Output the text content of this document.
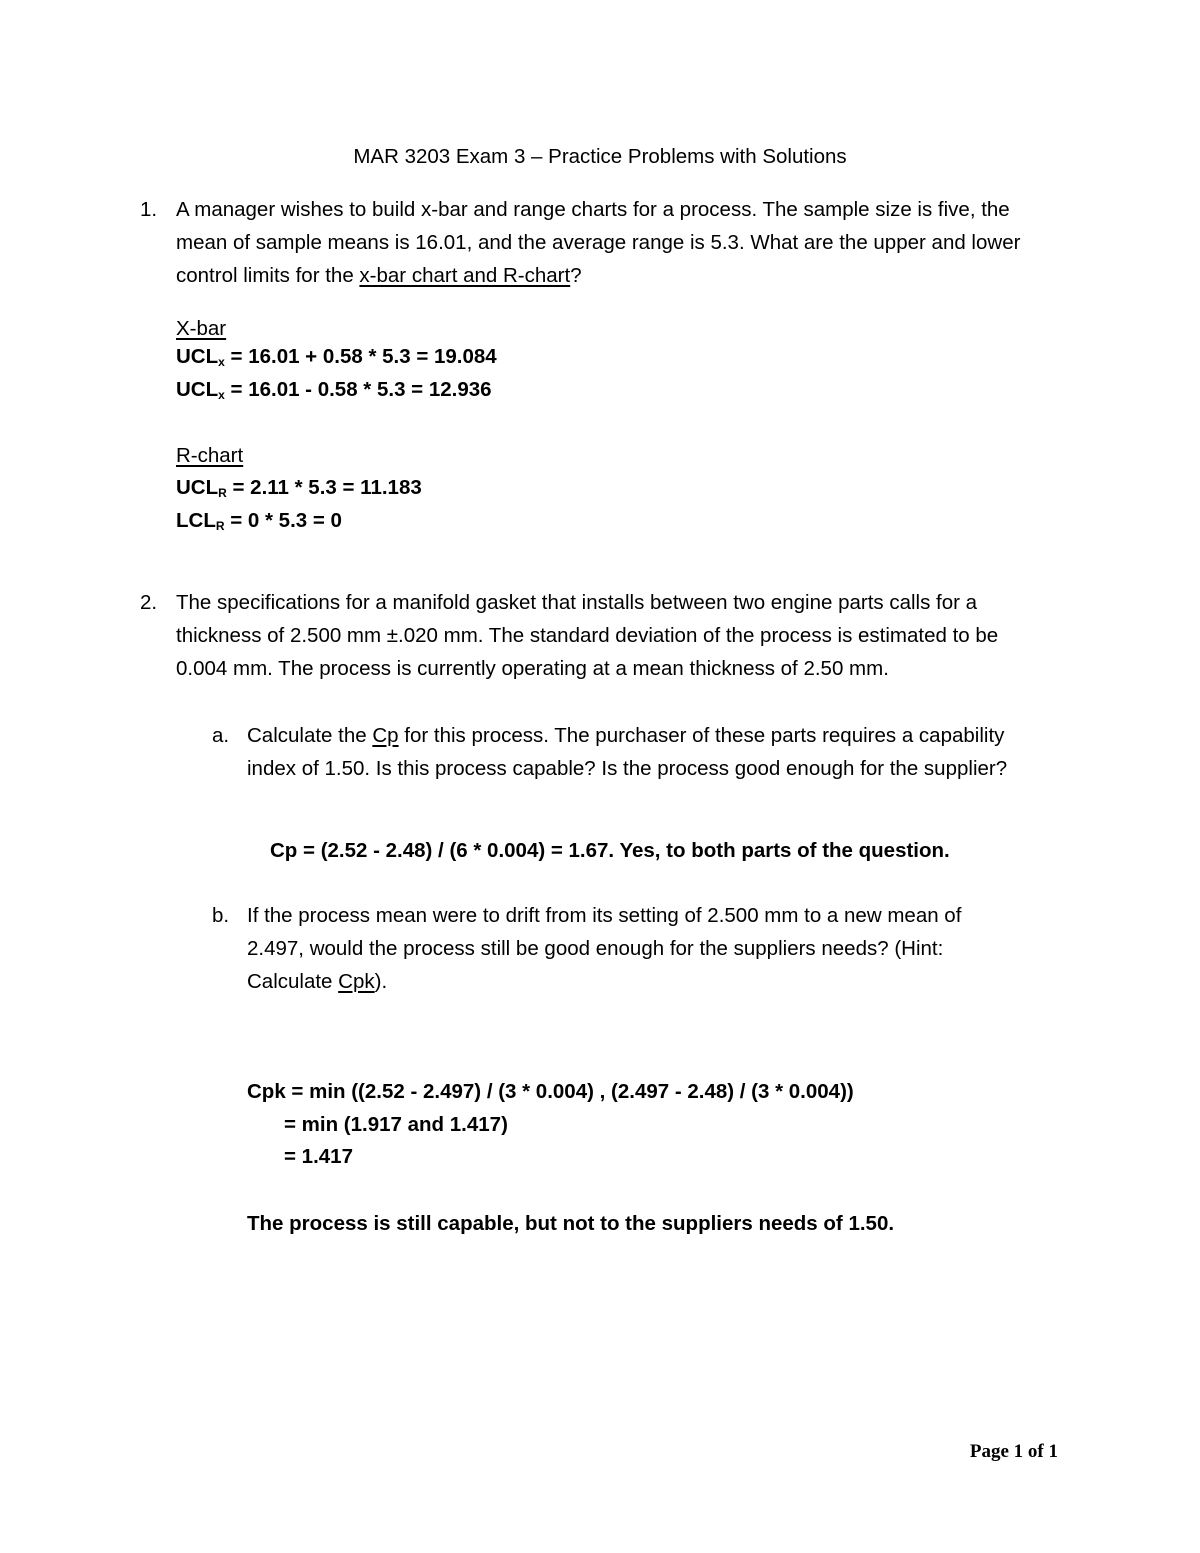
MAR 3203 Exam 3 – Practice Problems with Solutions
1. A manager wishes to build x-bar and range charts for a process. The sample size is five, the
mean of sample means is 16.01, and the average range is 5.3. What are the upper and lower
control limits for the x-bar chart and R-chart?
X-bar
$UCL_x = 16.01 + 0.58 * 5.3 = 19.084$
$UCL_x = 16.01 - 0.58 * 5.3 = 12.936$
R-chart
$UCL_R = 2.11 * 5.3 = 11.183$
$LCL_R = 0 * 5.3 = 0$
2. The specifications for a manifold gasket that installs between two engine parts calls for a
thickness of 2.500 mm ±.020 mm. The standard deviation of the process is estimated to be
0.004 mm. The process is currently operating at a mean thickness of 2.50 mm.
a. Calculate the Cp for this process. The purchaser of these parts requires a capability
index of 1.50. Is this process capable? Is the process good enough for the supplier?
Cp = (2.52 - 2.48) / (6 * 0.004) = 1.67. Yes, to both parts of the question.
b. If the process mean were to drift from its setting of 2.500 mm to a new mean of
2.497, would the process still be good enough for the suppliers needs? (Hint:
Calculate Cpk).
Cpk = min ((2.52 - 2.497) / (3 * 0.004) , (2.497 - 2.48) / (3 * 0.004))
= min (1.917 and 1.417)
= 1.417
The process is still capable, but not to the suppliers needs of 1.50.
Page 1 of 1
